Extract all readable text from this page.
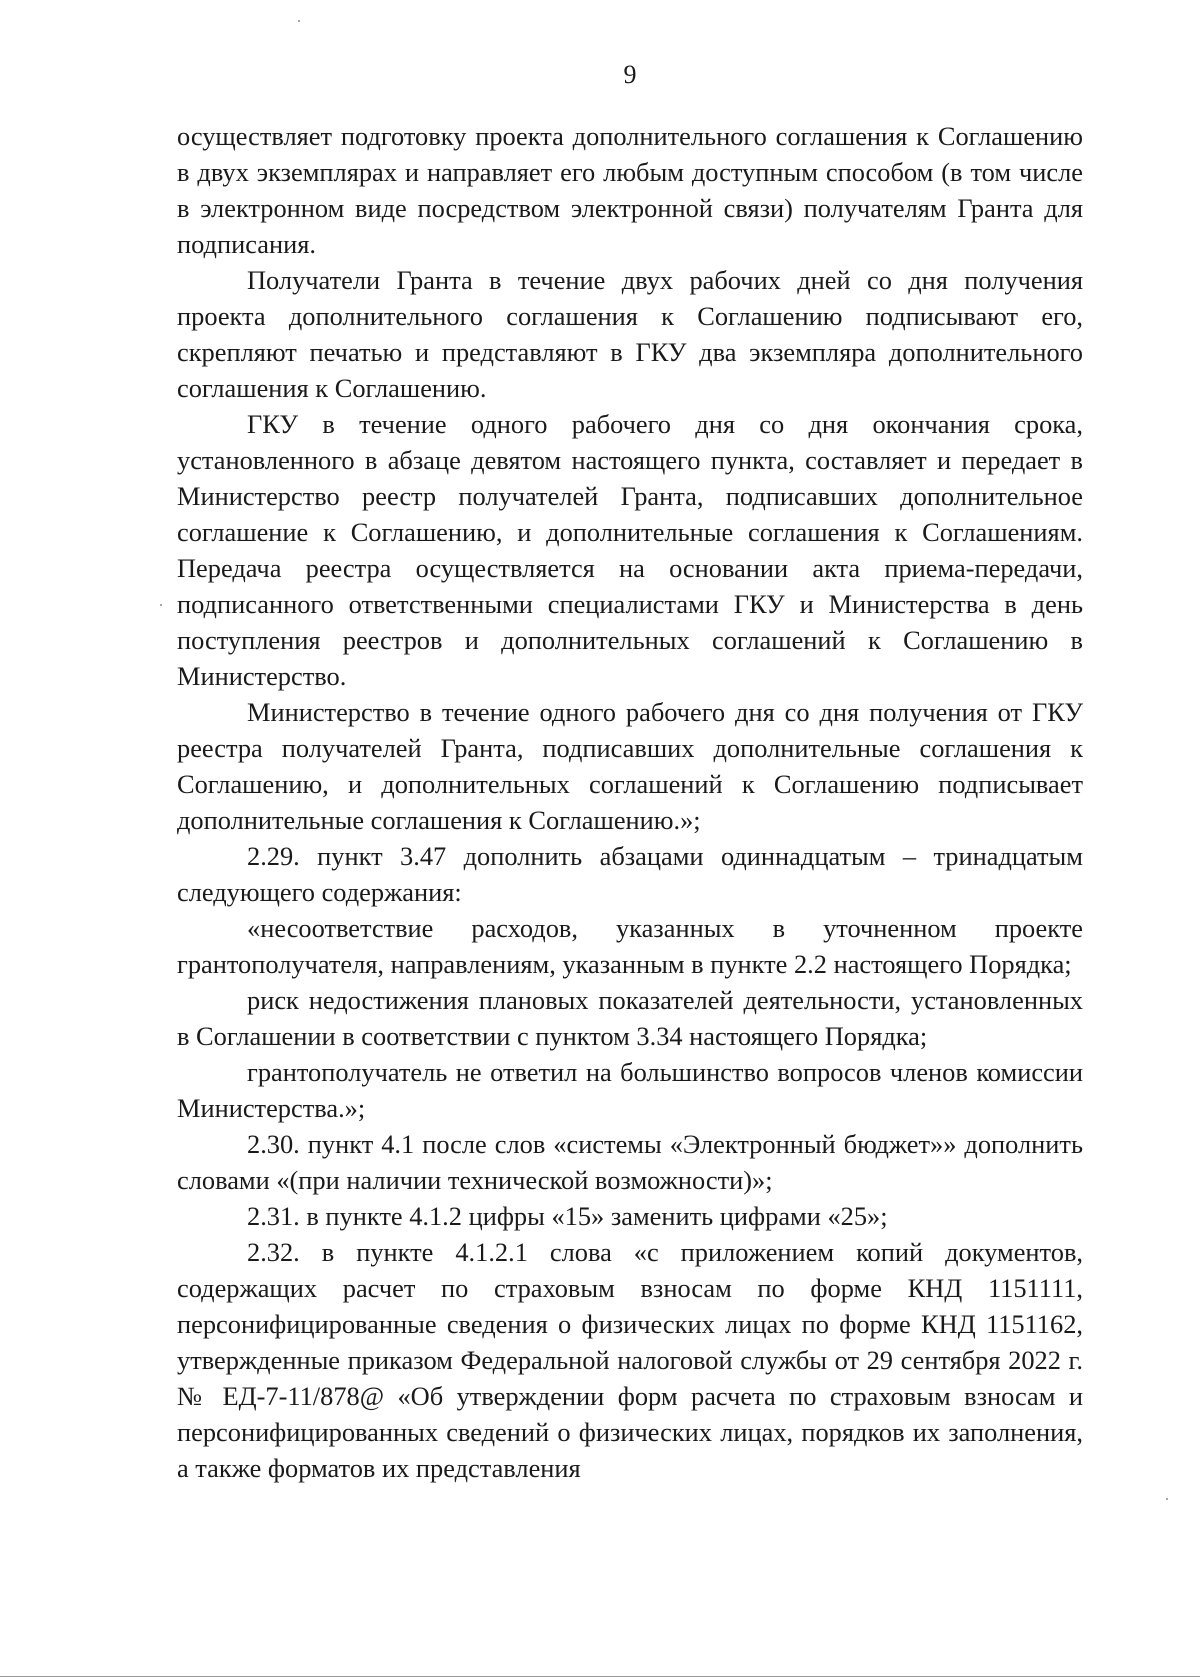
9

осуществляет подготовку проекта дополнительного соглашения к Соглашению в двух экземплярах и направляет его любым доступным способом (в том числе в электронном виде посредством электронной связи) получателям Гранта для подписания.

Получатели Гранта в течение двух рабочих дней со дня получения проекта дополнительного соглашения к Соглашению подписывают его, скрепляют печатью и представляют в ГКУ два экземпляра дополнительного соглашения к Соглашению.

ГКУ в течение одного рабочего дня со дня окончания срока, установленного в абзаце девятом настоящего пункта, составляет и передает в Министерство реестр получателей Гранта, подписавших дополнительное соглашение к Соглашению, и дополнительные соглашения к Соглашениям. Передача реестра осуществляется на основании акта приема-передачи, подписанного ответственными специалистами ГКУ и Министерства в день поступления реестров и дополнительных соглашений к Соглашению в Министерство.

Министерство в течение одного рабочего дня со дня получения от ГКУ реестра получателей Гранта, подписавших дополнительные соглашения к Соглашению, и дополнительных соглашений к Соглашению подписывает дополнительные соглашения к Соглашению.»;

2.29. пункт 3.47 дополнить абзацами одиннадцатым – тринадцатым следующего содержания:

«несоответствие расходов, указанных в уточненном проекте грантополучателя, направлениям, указанным в пункте 2.2 настоящего Порядка;

риск недостижения плановых показателей деятельности, установленных в Соглашении в соответствии с пунктом 3.34 настоящего Порядка;

грантополучатель не ответил на большинство вопросов членов комиссии Министерства.»;

2.30. пункт 4.1 после слов «системы «Электронный бюджет»» дополнить словами «(при наличии технической возможности)»;

2.31. в пункте 4.1.2 цифры «15» заменить цифрами «25»;

2.32. в пункте 4.1.2.1 слова «с приложением копий документов, содержащих расчет по страховым взносам по форме КНД 1151111, персонифицированные сведения о физических лицах по форме КНД 1151162, утвержденные приказом Федеральной налоговой службы от 29 сентября 2022 г. № ЕД-7-11/878@ «Об утверждении форм расчета по страховым взносам и персонифицированных сведений о физических лицах, порядков их заполнения, а также форматов их представления
